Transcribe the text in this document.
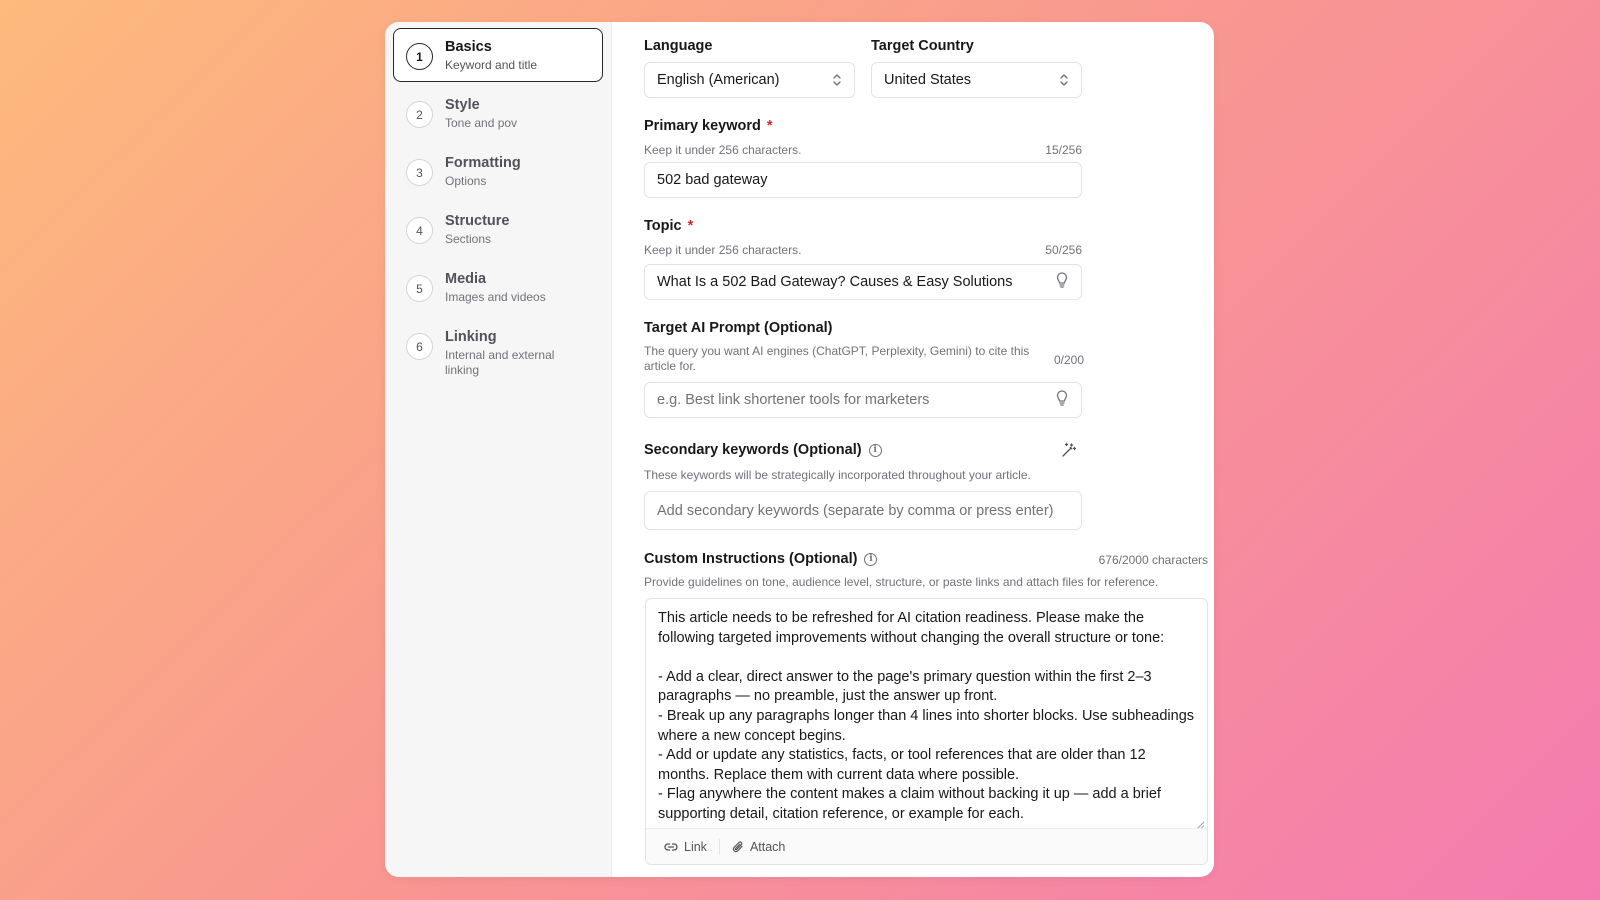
1
Basics
Keyword and title
2
Style
Tone and pov
3
Formatting
Options
4
Structure
Sections
5
Media
Images and videos
6
Linking
Internal and external linking
Language
English (American)
Target Country
United States
Primary keyword *
Keep it under 256 characters.	15/256
502 bad gateway
Topic *
Keep it under 256 characters.	50/256
What Is a 502 Bad Gateway? Causes & Easy Solutions
Target AI Prompt (Optional)
The query you want AI engines (ChatGPT, Perplexity, Gemini) to cite this article for.	0/200
e.g. Best link shortener tools for marketers
Secondary keywords (Optional) i
These keywords will be strategically incorporated throughout your article.
Add secondary keywords (separate by comma or press enter)
Custom Instructions (Optional) i	676/2000 characters
Provide guidelines on tone, audience level, structure, or paste links and attach files for reference.
This article needs to be refreshed for AI citation readiness. Please make the following targeted improvements without changing the overall structure or tone:

- Add a clear, direct answer to the page's primary question within the first 2–3 paragraphs — no preamble, just the answer up front.
- Break up any paragraphs longer than 4 lines into shorter blocks. Use subheadings where a new concept begins.
- Add or update any statistics, facts, or tool references that are older than 12 months. Replace them with current data where possible.
- Flag anywhere the content makes a claim without backing it up — add a brief supporting detail, citation reference, or example for each.
Link	Attach
